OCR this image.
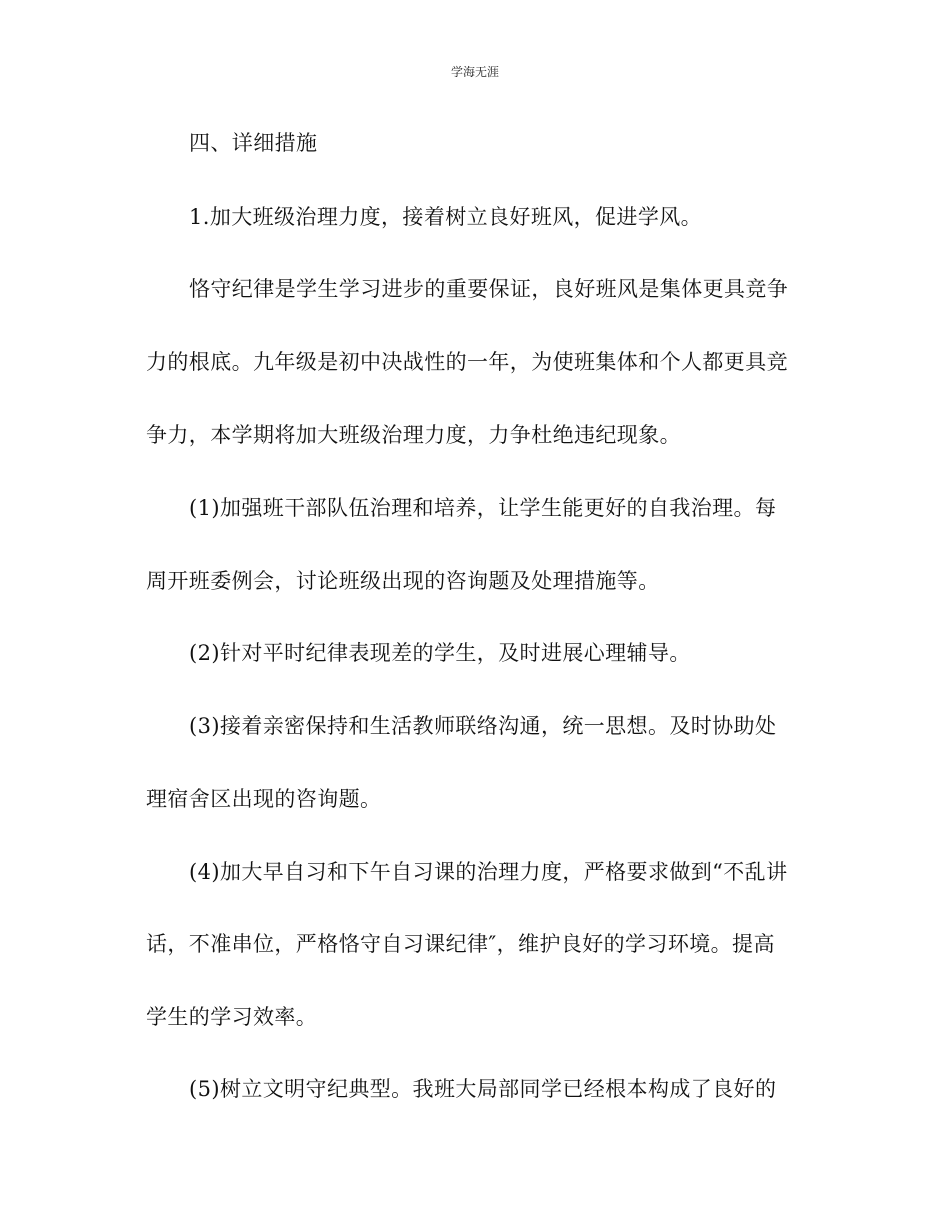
学海无涯
四、详细措施
1.加大班级治理力度，接着树立良好班风，促进学风。
恪守纪律是学生学习进步的重要保证，良好班风是集体更具竞争
力的根底。九年级是初中决战性的一年，为使班集体和个人都更具竞
争力，本学期将加大班级治理力度，力争杜绝违纪现象。
(1)加强班干部队伍治理和培养，让学生能更好的自我治理。每
周开班委例会，讨论班级出现的咨询题及处理措施等。
(2)针对平时纪律表现差的学生，及时进展心理辅导。
(3)接着亲密保持和生活教师联络沟通，统一思想。及时协助处
理宿舍区出现的咨询题。
(4)加大早自习和下午自习课的治理力度，严格要求做到“不乱讲
话，不准串位，严格恪守自习课纪律″，维护良好的学习环境。提高
学生的学习效率。
(5)树立文明守纪典型。我班大局部同学已经根本构成了良好的
